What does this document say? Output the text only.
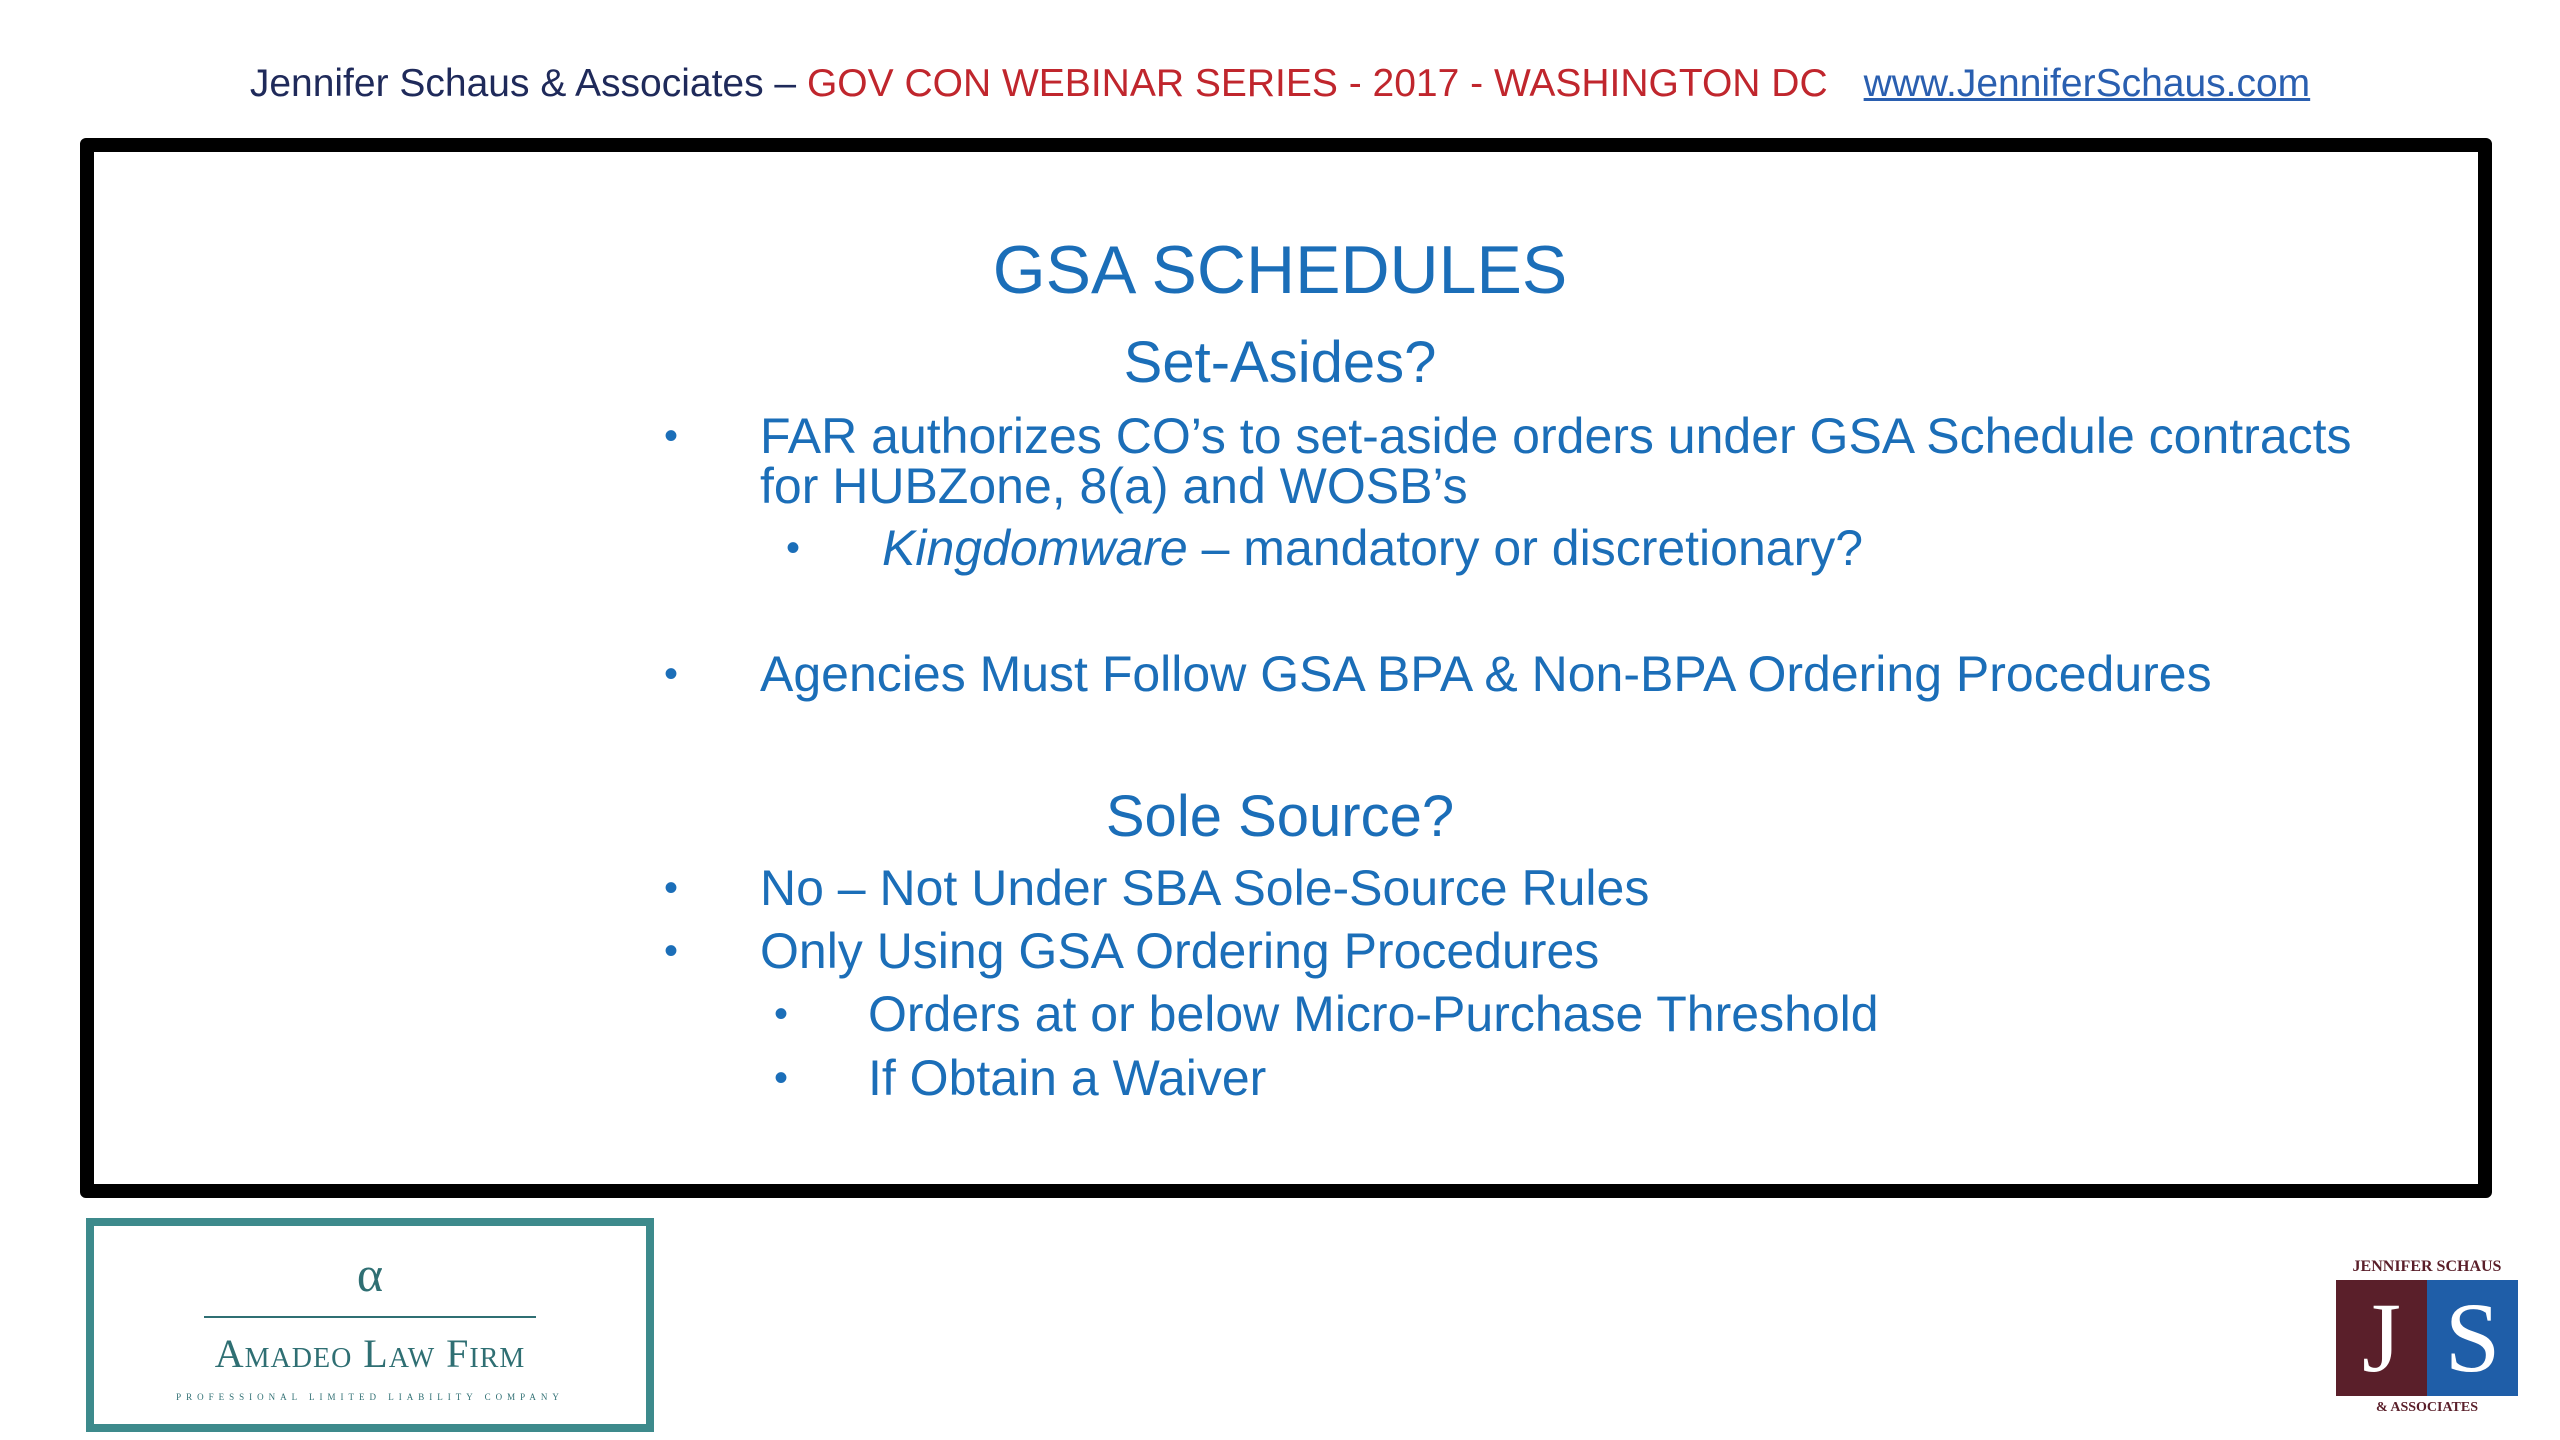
Jennifer Schaus & Associates – GOV CON WEBINAR SERIES - 2017 - WASHINGTON DC www.JenniferSchaus.com
GSA SCHEDULES
Set-Asides?
• FAR authorizes CO’s to set-aside orders under GSA Schedule contracts
for HUBZone, 8(a) and WOSB’s
• Kingdomware – mandatory or discretionary?
• Agencies Must Follow GSA BPA & Non-BPA Ordering Procedures
Sole Source?
• No – Not Under SBA Sole-Source Rules
• Only Using GSA Ordering Procedures
• Orders at or below Micro-Purchase Threshold
• If Obtain a Waiver
α
Amadeo Law Firm
PROFESSIONAL LIMITED LIABILITY COMPANY
JENNIFER SCHAUS
J S
& ASSOCIATES
